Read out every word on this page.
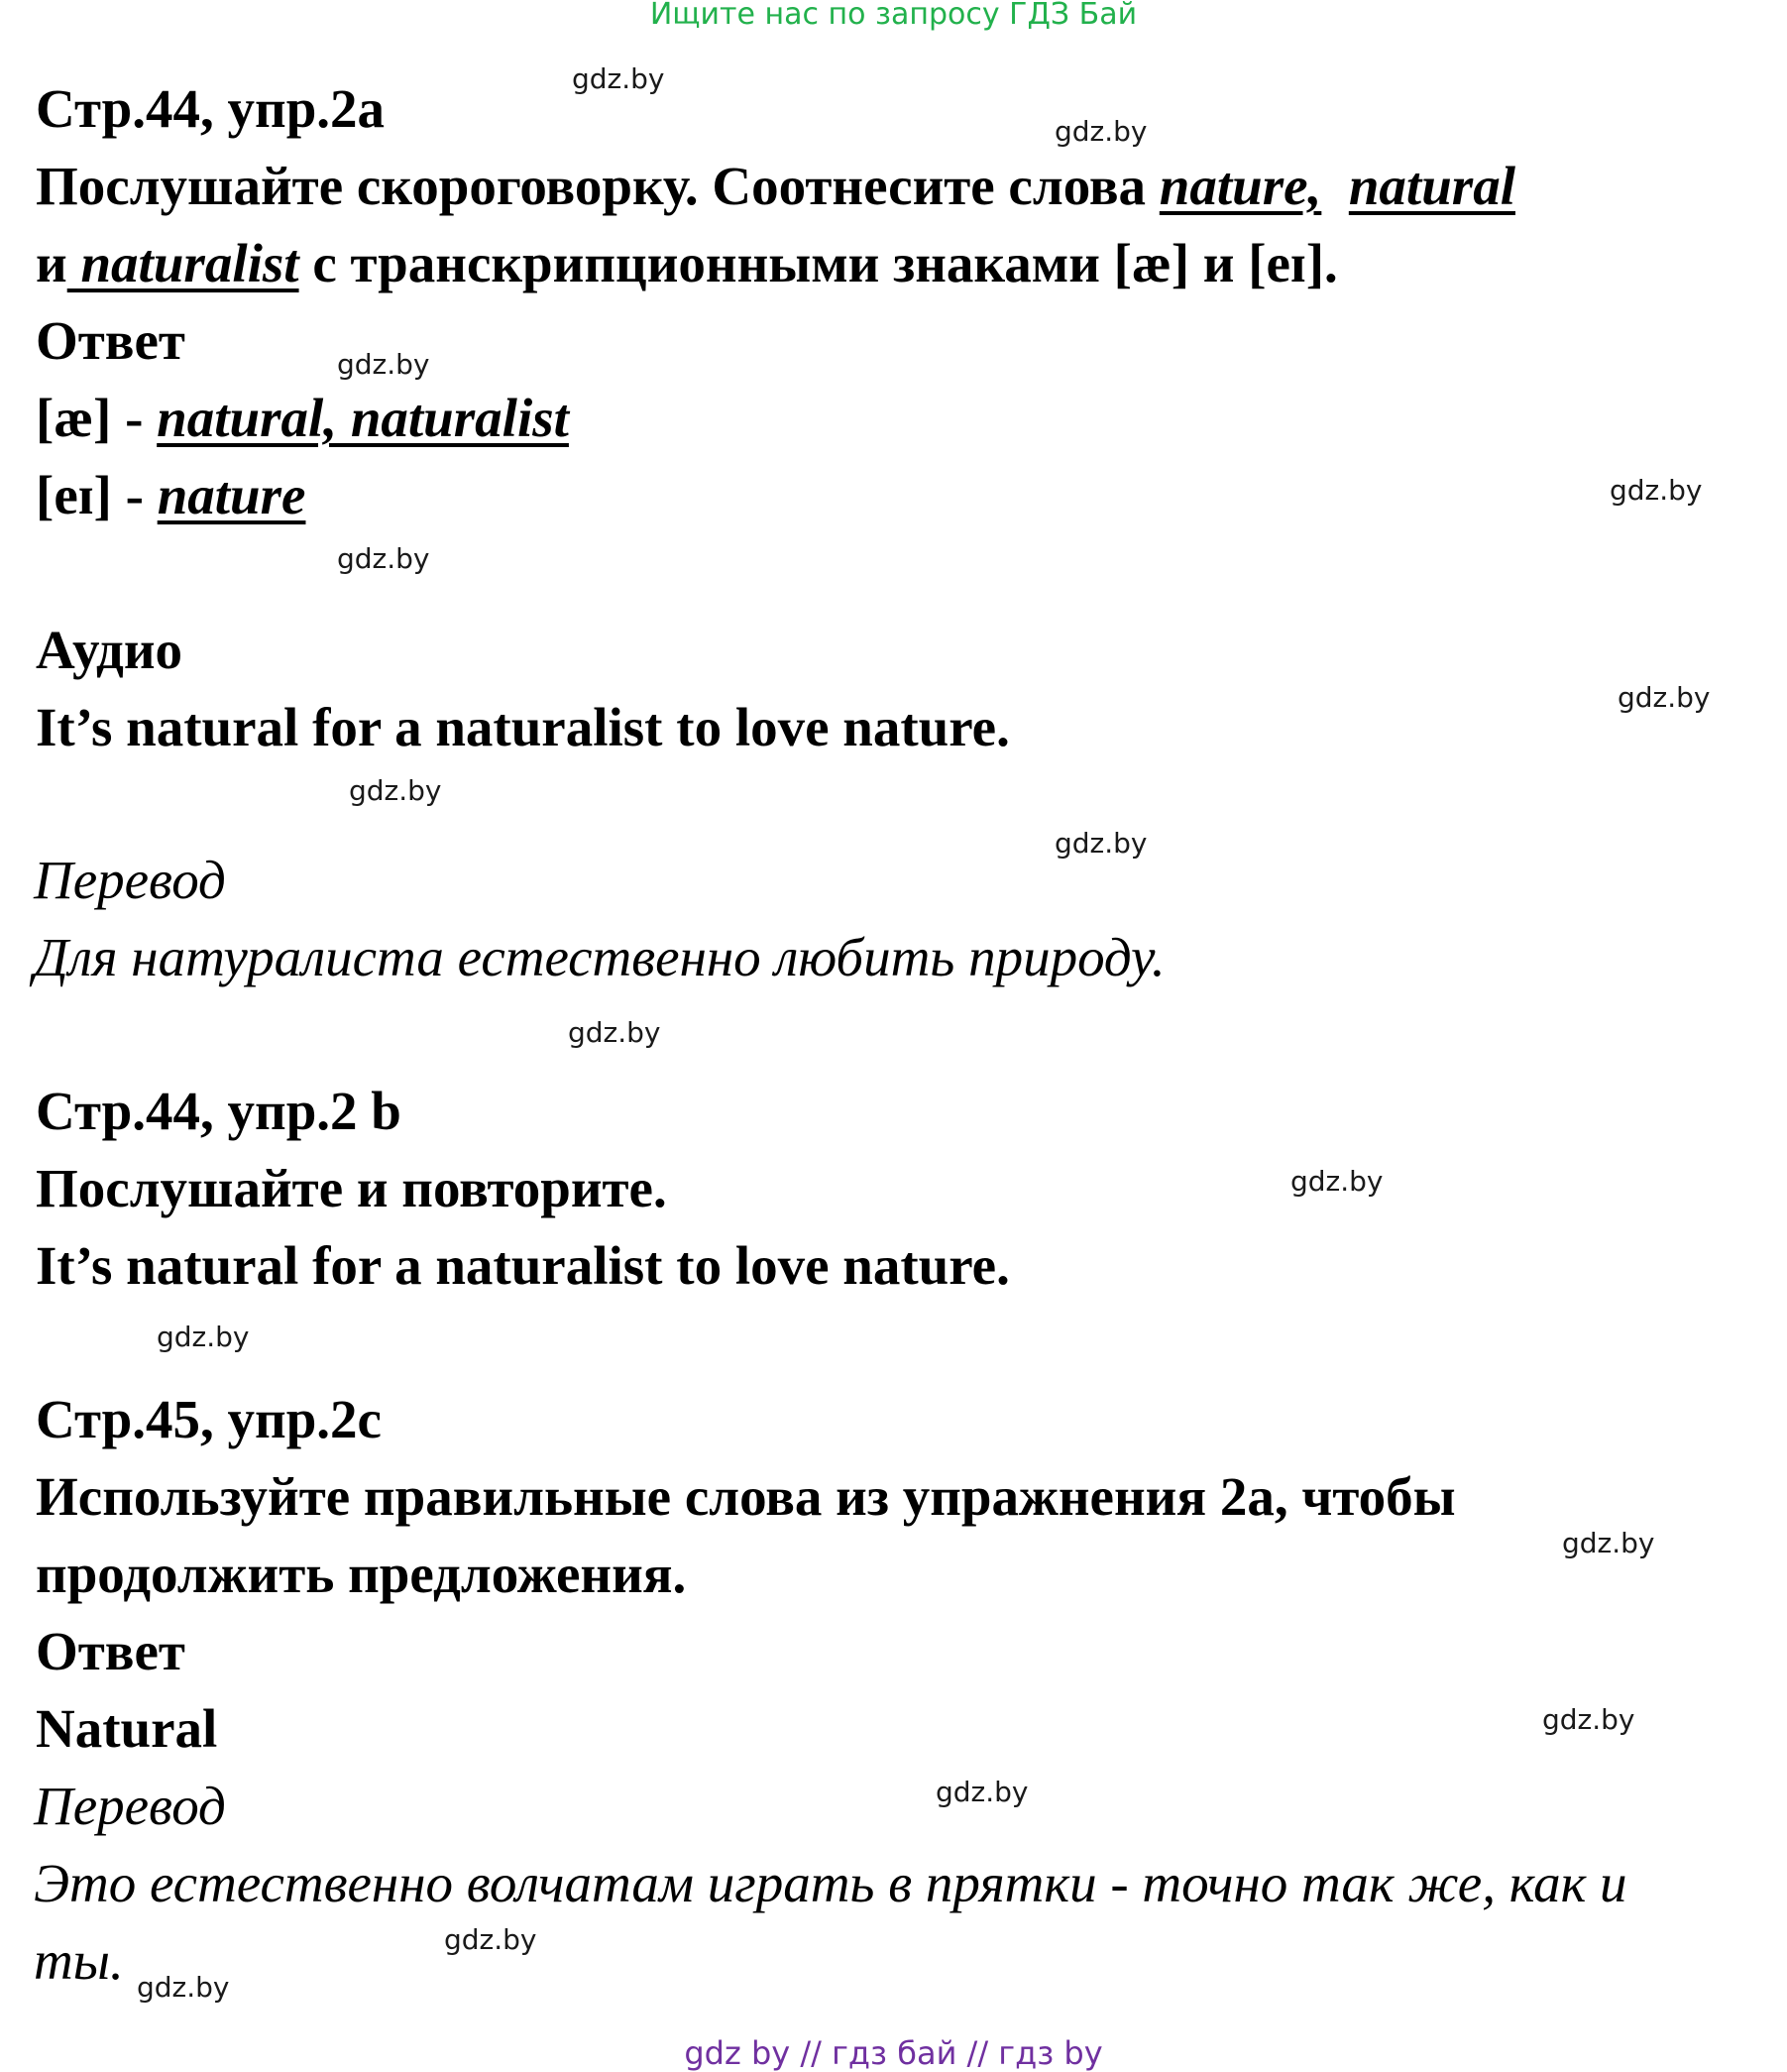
Ищите нас по запросу ГДЗ Бай
Стр.44, упр.2а
Послушайте скороговорку. Соотнесите слова nature, natural
и naturalist с транскрипционными знаками [æ] и [eɪ].
Ответ
[æ] - natural, naturalist
[eɪ] - nature
Аудио
It’s natural for a naturalist to love nature.
Перевод
Для натуралиста естественно любить природу.
Стр.44, упр.2 b
Послушайте и повторите.
It’s natural for a naturalist to love nature.
Стр.45, упр.2с
Используйте правильные слова из упражнения 2а, чтобы
продолжить предложения.
Ответ
Natural
Перевод
Это естественно волчатам играть в прятки - точно так же, как и
ты.
gdz.by
gdz.by
gdz.by
gdz.by
gdz.by
gdz.by
gdz.by
gdz.by
gdz.by
gdz.by
gdz.by
gdz.by
gdz.by
gdz.by
gdz.by
gdz.by
gdz by // гдз бай // гдз by
